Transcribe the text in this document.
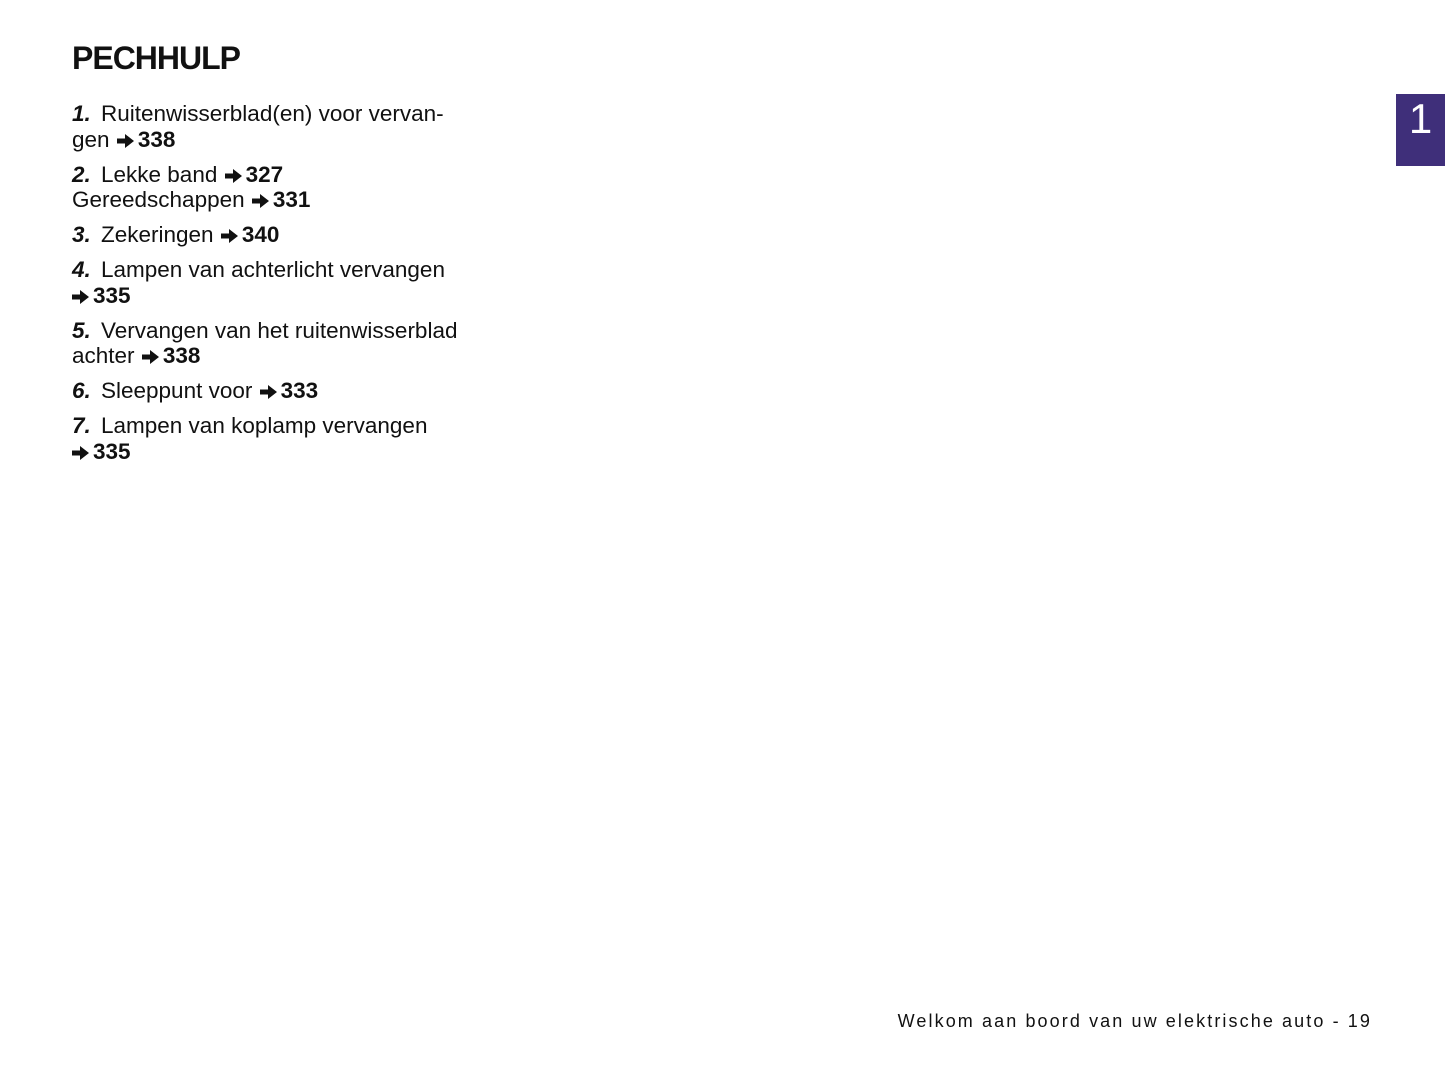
PECHHULP
1. Ruitenwisserblad(en) voor vervan-
gen 338
2. Lekke band 327
Gereedschappen 331
3. Zekeringen 340
4. Lampen van achterlicht vervangen

335
5. Vervangen van het ruitenwisserblad
achter 338
6. Sleeppunt voor 333
7. Lampen van koplamp vervangen

335
1
Welkom aan boord van uw elektrische auto - 19
